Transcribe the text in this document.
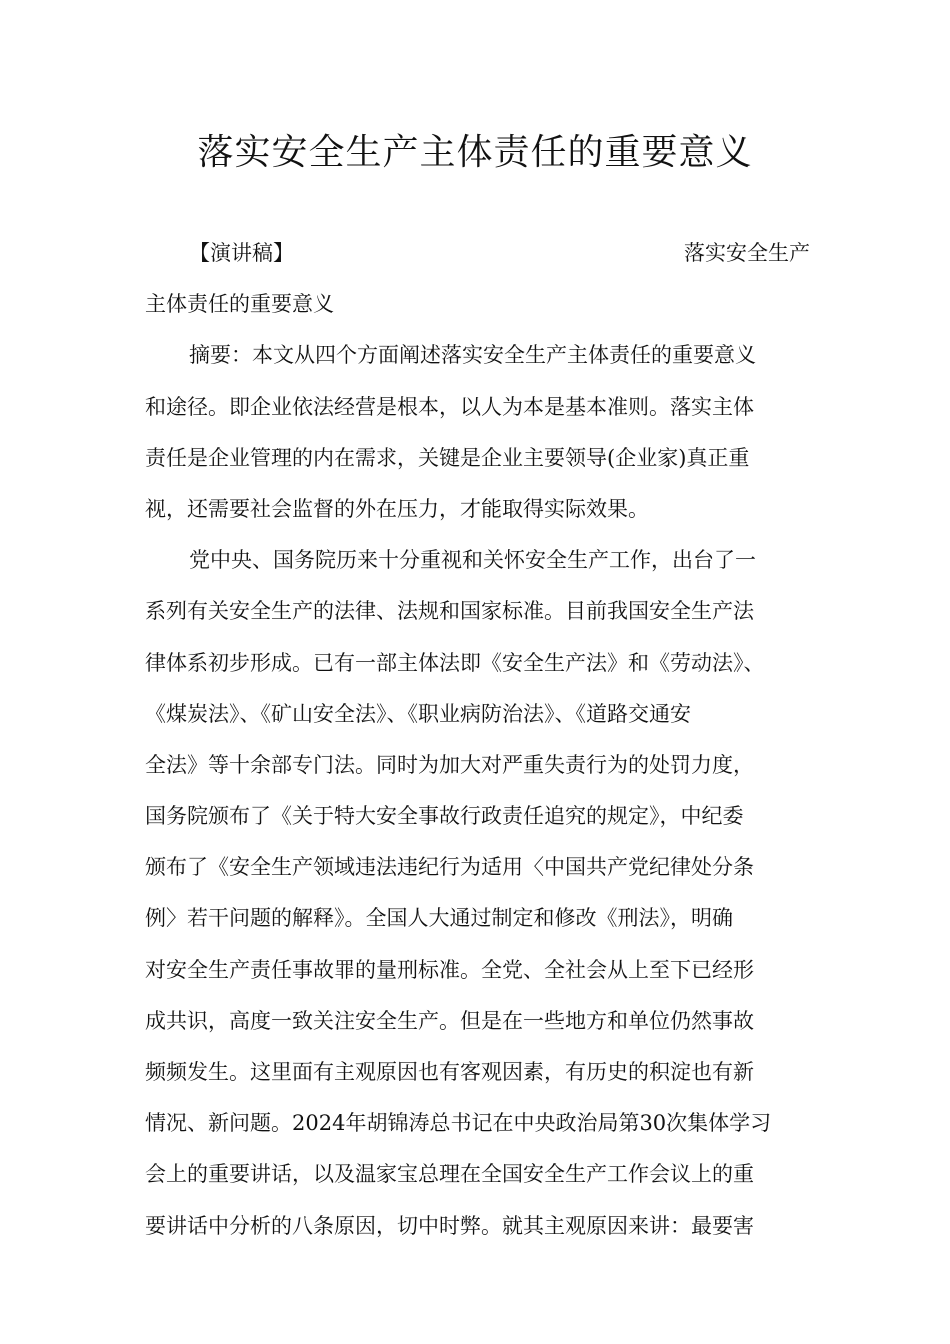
落实安全生产主体责任的重要意义
【演讲稿】	落实安全生产
主体责任的重要意义
摘要：本文从四个方面阐述落实安全生产主体责任的重要意义
和途径。即企业依法经营是根本，以人为本是基本准则。落实主体
责任是企业管理的内在需求，关键是企业主要领导(企业家)真正重
视，还需要社会监督的外在压力，才能取得实际效果。
党中央、国务院历来十分重视和关怀安全生产工作，出台了一
系列有关安全生产的法律、法规和国家标准。目前我国安全生产法
律体系初步形成。已有一部主体法即《安全生产法》和《劳动法》、
《煤炭法》、《矿山安全法》、《职业病防治法》、《道路交通安
全法》等十余部专门法。同时为加大对严重失责行为的处罚力度，
国务院颁布了《关于特大安全事故行政责任追究的规定》，中纪委
颁布了《安全生产领域违法违纪行为适用〈中国共产党纪律处分条
例〉若干问题的解释》。全国人大通过制定和修改《刑法》，明确
对安全生产责任事故罪的量刑标准。全党、全社会从上至下已经形
成共识，高度一致关注安全生产。但是在一些地方和单位仍然事故
频频发生。这里面有主观原因也有客观因素，有历史的积淀也有新
情况、新问题。2024年胡锦涛总书记在中央政治局第30次集体学习
会上的重要讲话，以及温家宝总理在全国安全生产工作会议上的重
要讲话中分析的八条原因，切中时弊。就其主观原因来讲：最要害
